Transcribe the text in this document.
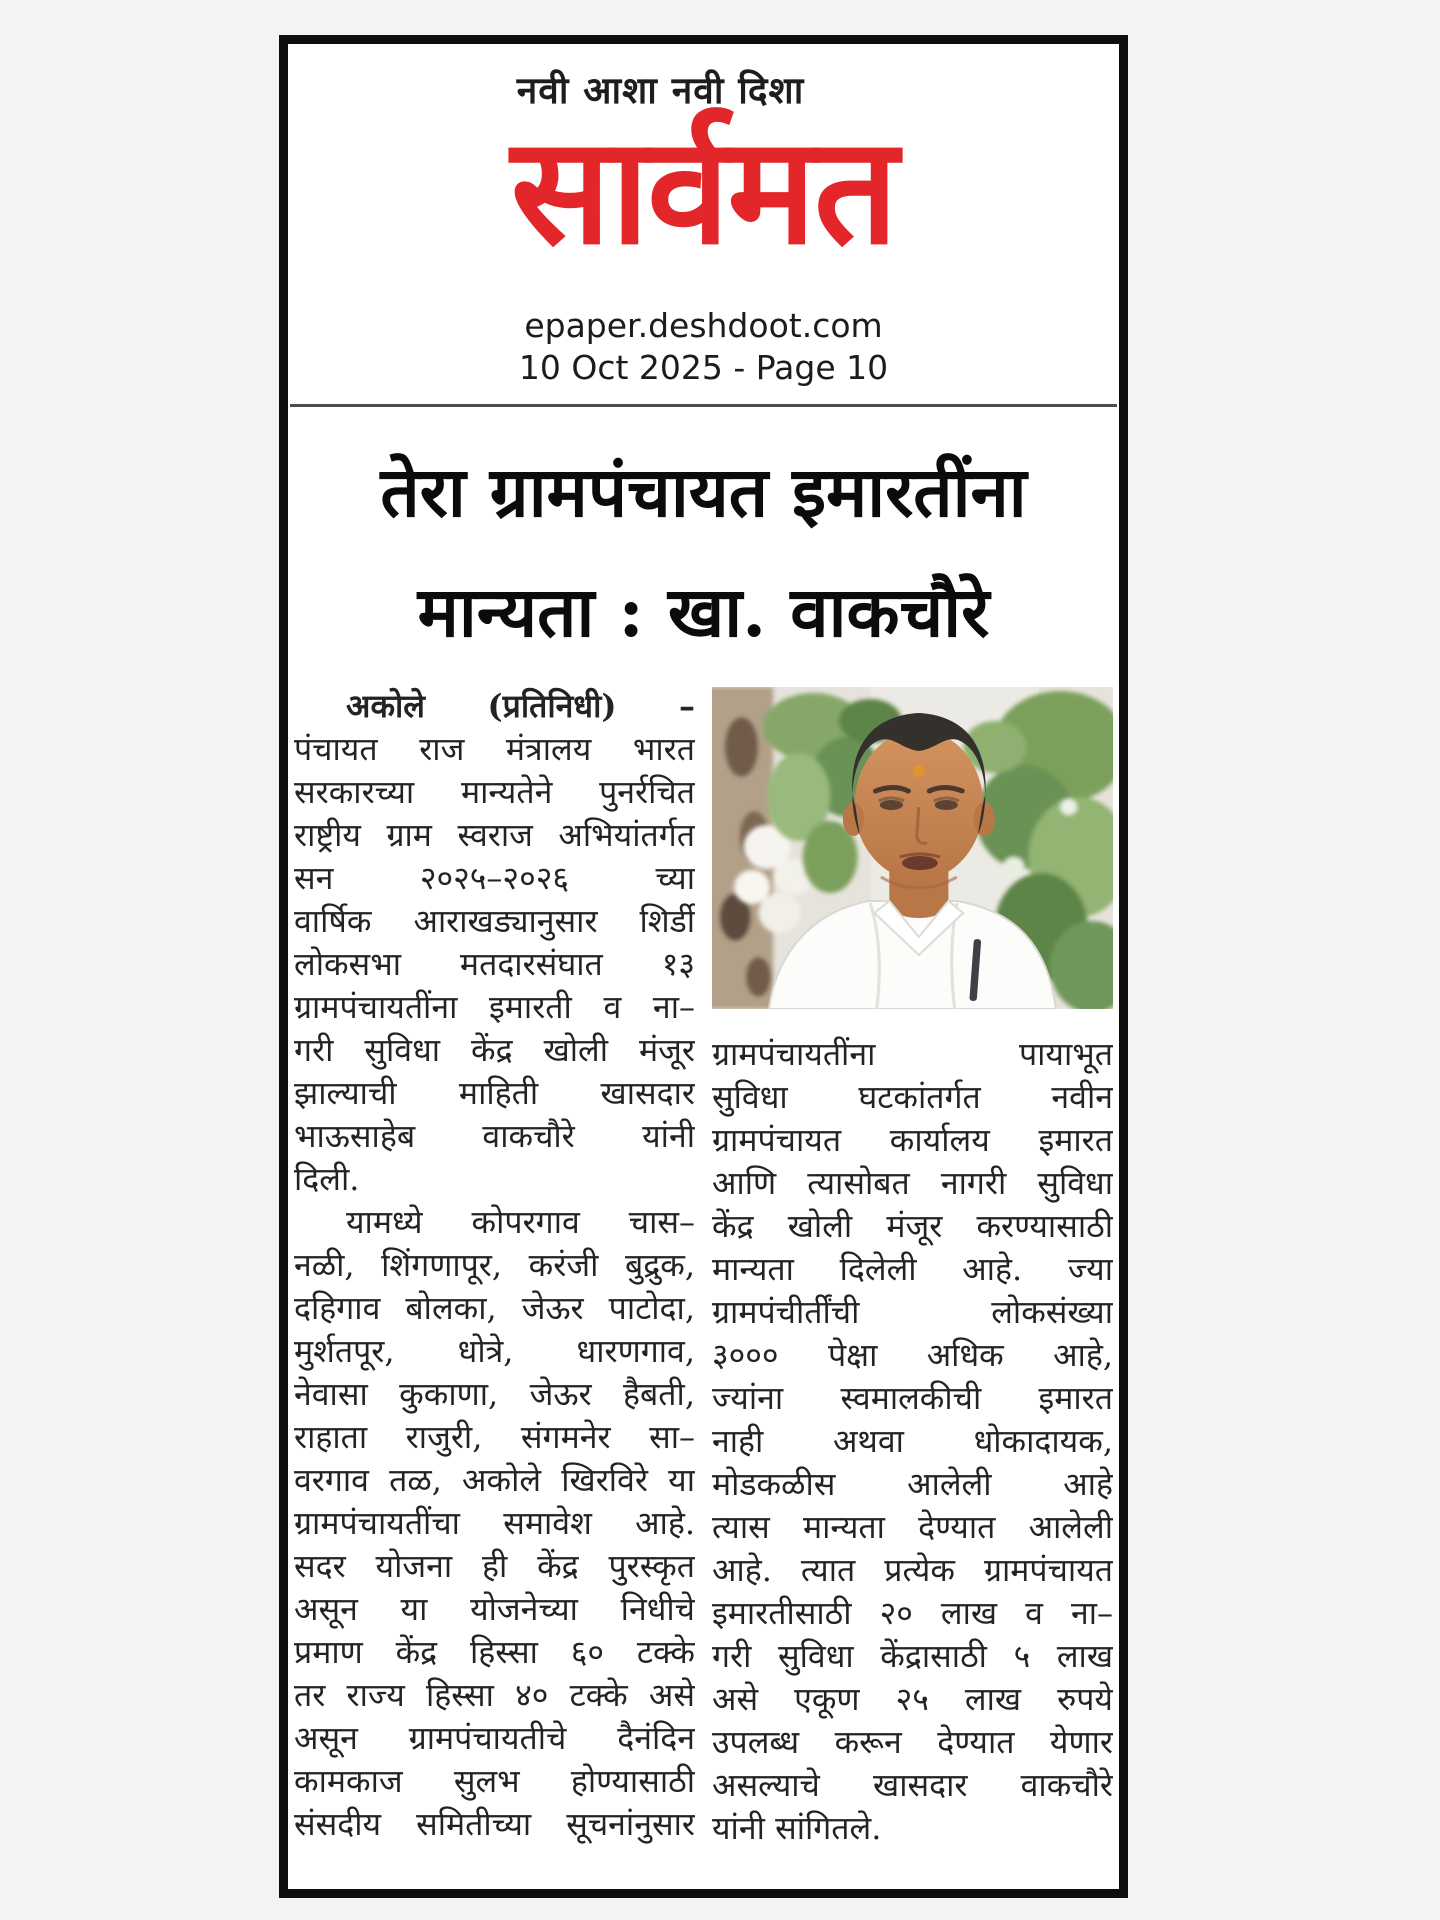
नवी आशा नवी दिशा
सार्वमत
epaper.deshdoot.com
10 Oct 2025 - Page 10
तेरा ग्रामपंचायत इमारतींना
मान्यता : खा. वाकचौरे
अकोले (प्रतिनिधी) –
पंचायत राज मंत्रालय भारत
सरकारच्या मान्यतेने पुनर्रचित
राष्ट्रीय ग्राम स्वराज अभियांतर्गत
सन २०२५–२०२६ च्या
वार्षिक आराखड्यानुसार शिर्डी
लोकसभा मतदारसंघात १३
ग्रामपंचायतींना इमारती व ना–
गरी सुविधा केंद्र खोली मंजूर
झाल्याची माहिती खासदार
भाऊसाहेब वाकचौरे यांनी
दिली.
यामध्ये कोपरगाव चास–
नळी, शिंगणापूर, करंजी बुद्रुक,
दहिगाव बोलका, जेऊर पाटोदा,
मुर्शतपूर, धोत्रे, धारणगाव,
नेवासा कुकाणा, जेऊर हैबती,
राहाता राजुरी, संगमनेर सा–
वरगाव तळ, अकोले खिरविरे या
ग्रामपंचायतींचा समावेश आहे.
सदर योजना ही केंद्र पुरस्कृत
असून या योजनेच्या निधीचे
प्रमाण केंद्र हिस्सा ६० टक्के
तर राज्य हिस्सा ४० टक्के असे
असून ग्रामपंचायतीचे दैनंदिन
कामकाज सुलभ होण्यासाठी
संसदीय समितीच्या सूचनांनुसार
ग्रामपंचायतींना पायाभूत
सुविधा घटकांतर्गत नवीन
ग्रामपंचायत कार्यालय इमारत
आणि त्यासोबत नागरी सुविधा
केंद्र खोली मंजूर करण्यासाठी
मान्यता दिलेली आहे. ज्या
ग्रामपंचीर्तींची लोकसंख्या
३००० पेक्षा अधिक आहे,
ज्यांना स्वमालकीची इमारत
नाही अथवा धोकादायक,
मोडकळीस आलेली आहे
त्यास मान्यता देण्यात आलेली
आहे. त्यात प्रत्येक ग्रामपंचायत
इमारतीसाठी २० लाख व ना–
गरी सुविधा केंद्रासाठी ५ लाख
असे एकूण २५ लाख रुपये
उपलब्ध करून देण्यात येणार
असल्याचे खासदार वाकचौरे
यांनी सांगितले.
